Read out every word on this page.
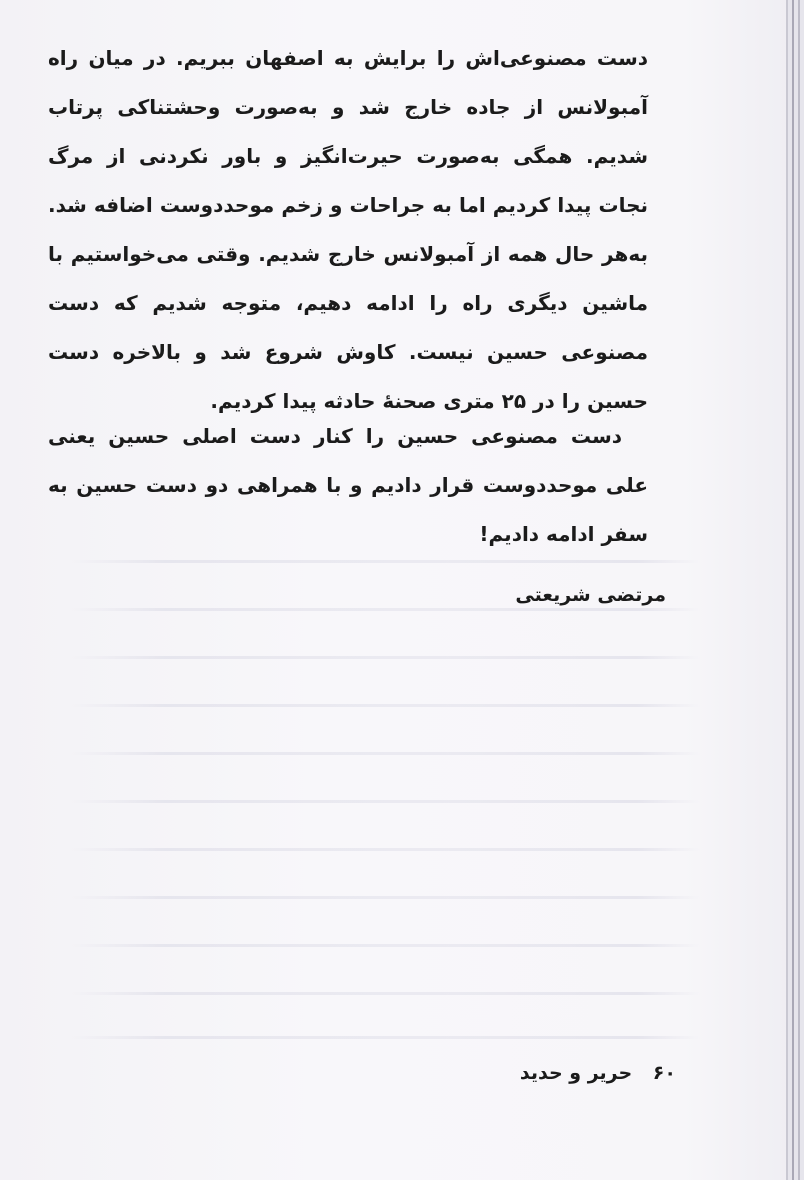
دست مصنوعی‌اش را برایش به اصفهان ببریم. در میان راه آمبولانس از جاده خارج شد و به‌صورت وحشتناکی پرتاب شدیم. همگی به‌صورت حیرت‌انگیز و باور نکردنی از مرگ نجات پیدا کردیم اما به جراحات و زخم موحددوست اضافه شد. به‌هر حال همه از آمبولانس خارج شدیم. وقتی می‌خواستیم با ماشین دیگری راه را ادامه دهیم، متوجه شدیم که دست مصنوعی حسین نیست. کاوش شروع شد و بالاخره دست حسین را در ۲۵ متری صحنهٔ حادثه پیدا کردیم.

دست مصنوعی حسین را کنار دست اصلی حسین یعنی علی موحددوست قرار دادیم و با همراهی دو دست حسین به سفر ادامه دادیم!

مرتضی شریعتی
۶۰ حریر و حدید
